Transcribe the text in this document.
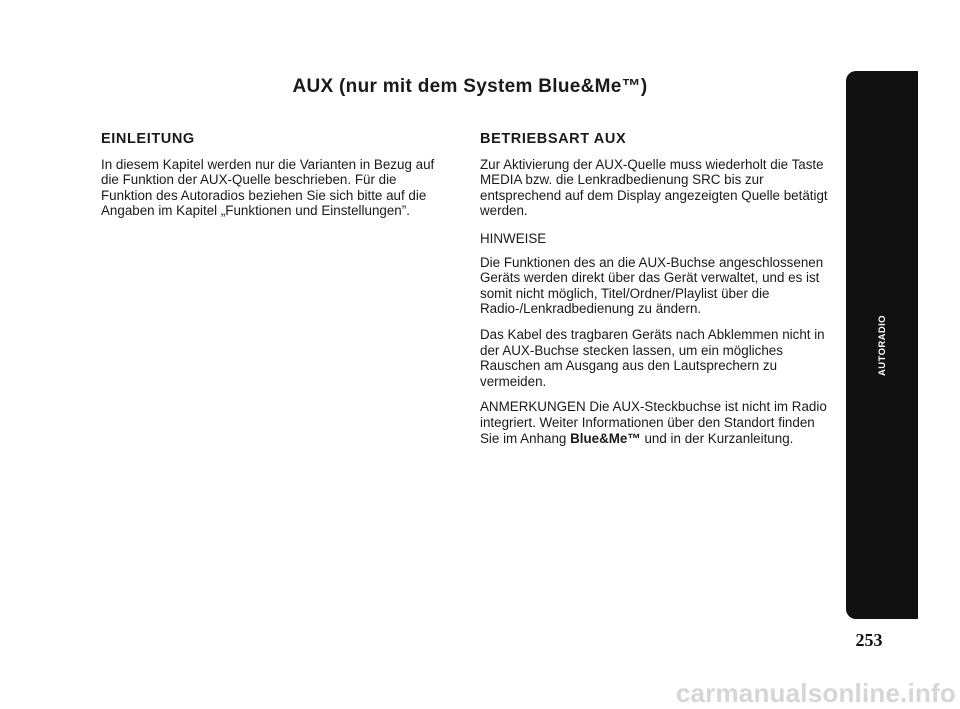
AUX (nur mit dem System Blue&Me™)

EINLEITUNG

In diesem Kapitel werden nur die Varianten in Bezug auf die Funktion der AUX-Quelle beschrieben. Für die Funktion des Autoradios beziehen Sie sich bitte auf die Angaben im Kapitel „Funktionen und Einstellungen”.

BETRIEBSART AUX

Zur Aktivierung der AUX-Quelle muss wiederholt die Taste MEDIA bzw. die Lenkradbedienung SRC bis zur entsprechend auf dem Display angezeigten Quelle betätigt werden.

HINWEISE

Die Funktionen des an die AUX-Buchse angeschlossenen Geräts werden direkt über das Gerät verwaltet, und es ist somit nicht möglich, Titel/Ordner/Playlist über die Radio-/Lenkradbedienung zu ändern.

Das Kabel des tragbaren Geräts nach Abklemmen nicht in der AUX-Buchse stecken lassen, um ein mögliches Rauschen am Ausgang aus den Lautsprechern zu vermeiden.

ANMERKUNGEN Die AUX-Steckbuchse ist nicht im Radio integriert. Weiter Informationen über den Standort finden Sie im Anhang Blue&Me™ und in der Kurzanleitung.

AUTORADIO
253
carmanualsonline.info
